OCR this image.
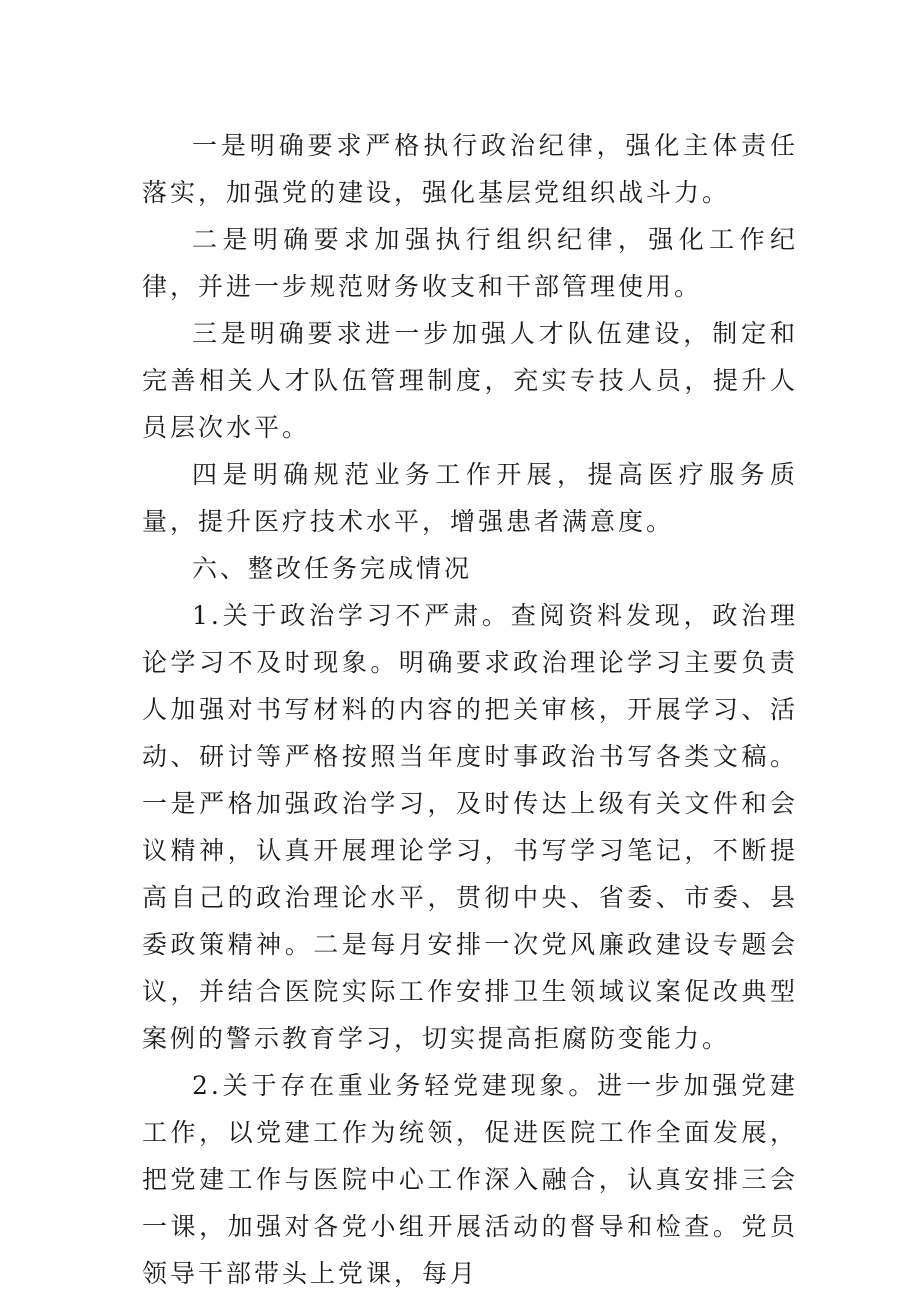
一是明确要求严格执行政治纪律，强化主体责任落实，加强党的建设，强化基层党组织战斗力。

二是明确要求加强执行组织纪律，强化工作纪律，并进一步规范财务收支和干部管理使用。

三是明确要求进一步加强人才队伍建设，制定和完善相关人才队伍管理制度，充实专技人员，提升人员层次水平。

四是明确规范业务工作开展，提高医疗服务质量，提升医疗技术水平，增强患者满意度。

六、整改任务完成情况

1.关于政治学习不严肃。查阅资料发现，政治理论学习不及时现象。明确要求政治理论学习主要负责人加强对书写材料的内容的把关审核，开展学习、活动、研讨等严格按照当年度时事政治书写各类文稿。一是严格加强政治学习，及时传达上级有关文件和会议精神，认真开展理论学习，书写学习笔记，不断提高自己的政治理论水平，贯彻中央、省委、市委、县委政策精神。二是每月安排一次党风廉政建设专题会议，并结合医院实际工作安排卫生领域议案促改典型案例的警示教育学习，切实提高拒腐防变能力。

2.关于存在重业务轻党建现象。进一步加强党建工作，以党建工作为统领，促进医院工作全面发展，把党建工作与医院中心工作深入融合，认真安排三会一课，加强对各党小组开展活动的督导和检查。党员领导干部带头上党课，每月
